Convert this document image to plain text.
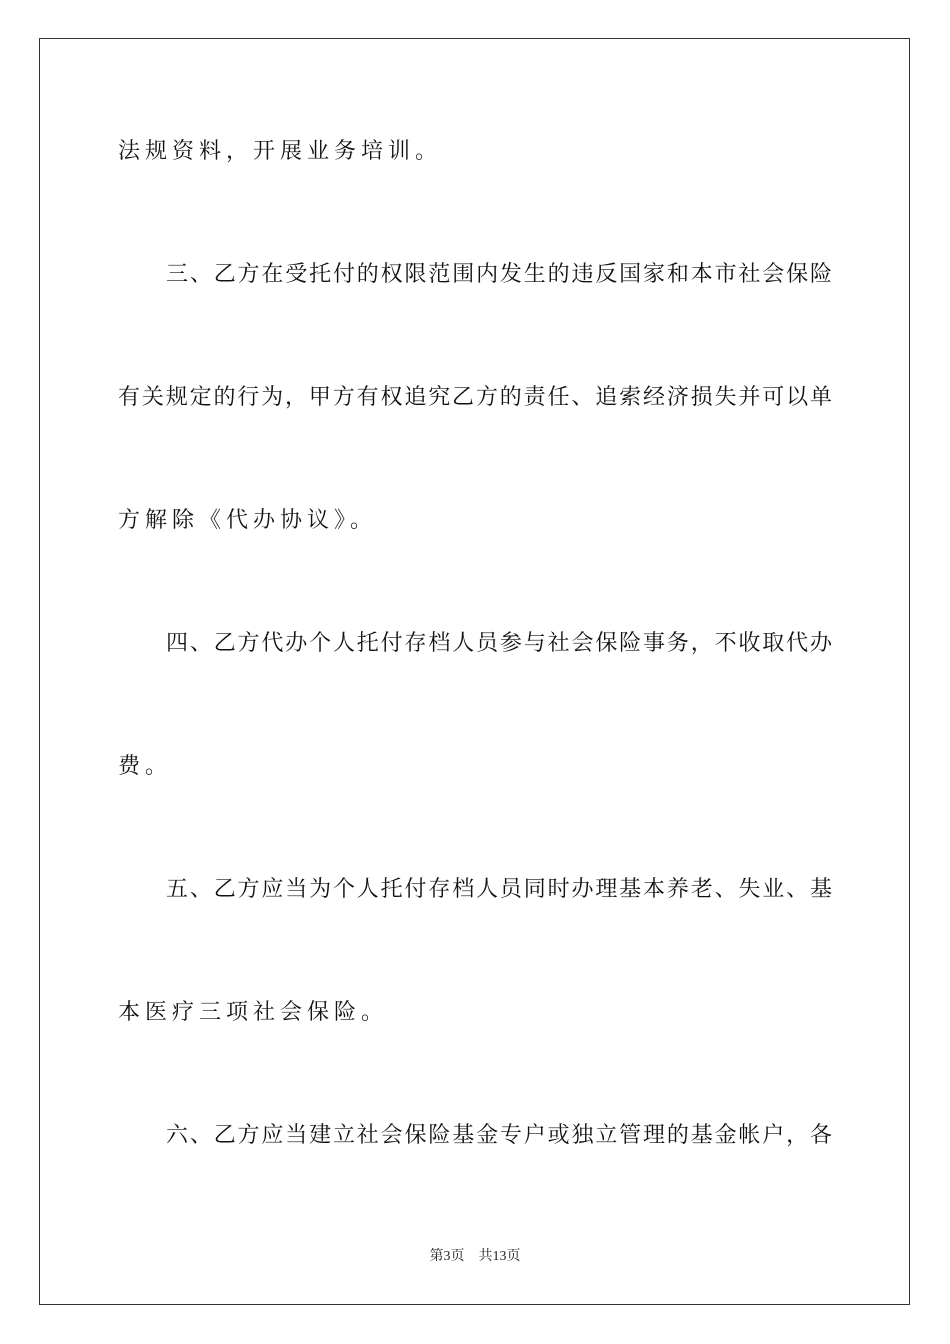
法规资料，开展业务培训。
三、乙方在受托付的权限范围内发生的违反国家和本市社会保险
有关规定的行为，甲方有权追究乙方的责任、追索经济损失并可以单
方解除《代办协议》。
四、乙方代办个人托付存档人员参与社会保险事务，不收取代办
费。
五、乙方应当为个人托付存档人员同时办理基本养老、失业、基
本医疗三项社会保险。
六、乙方应当建立社会保险基金专户或独立管理的基金帐户，各
第3页 共13页
